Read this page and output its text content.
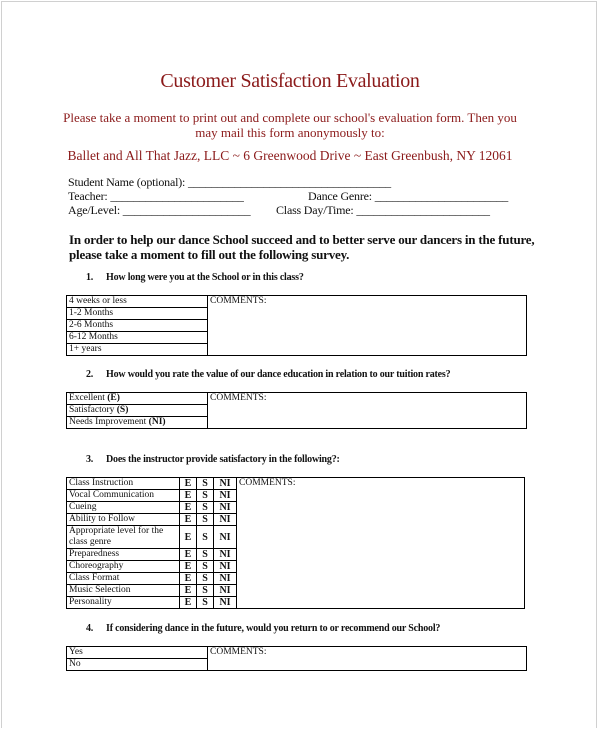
Customer Satisfaction Evaluation
Please take a moment to print out and complete our school's evaluation form. Then you
may mail this form anonymously to:
Ballet and All That Jazz, LLC ~ 6 Greenwood Drive ~ East Greenbush, NY 12061
Student Name (optional): ___________________________________
Teacher: _______________________	Dance Genre: _______________________
Age/Level: ______________________ Class Day/Time: _______________________
In order to help our dance School succeed and to better serve our dancers in the future,
please take a moment to fill out the following survey.
1. How long were you at the School or in this class?
4 weeks or less	COMMENTS:
1-2 Months
2-6 Months
6-12 Months
1+ years
2. How would you rate the value of our dance education in relation to our tuition rates?
Excellent (E)	COMMENTS:
Satisfactory (S)
Needs Improvement (NI)
3. Does the instructor provide satisfactory in the following?:
Class Instruction	E	S	NI	COMMENTS:
Vocal Communication	E	S	NI	
Cueing	E	S	NI	
Ability to Follow	E	S	NI	
Appropriate level for the class genre	E	S	NI	
Preparedness	E	S	NI	
Choreography	E	S	NI	
Class Format	E	S	NI	
Music Selection	E	S	NI	
Personality	E	S	NI	
4. If considering dance in the future, would you return to or recommend our School?
Yes	COMMENTS:
No
